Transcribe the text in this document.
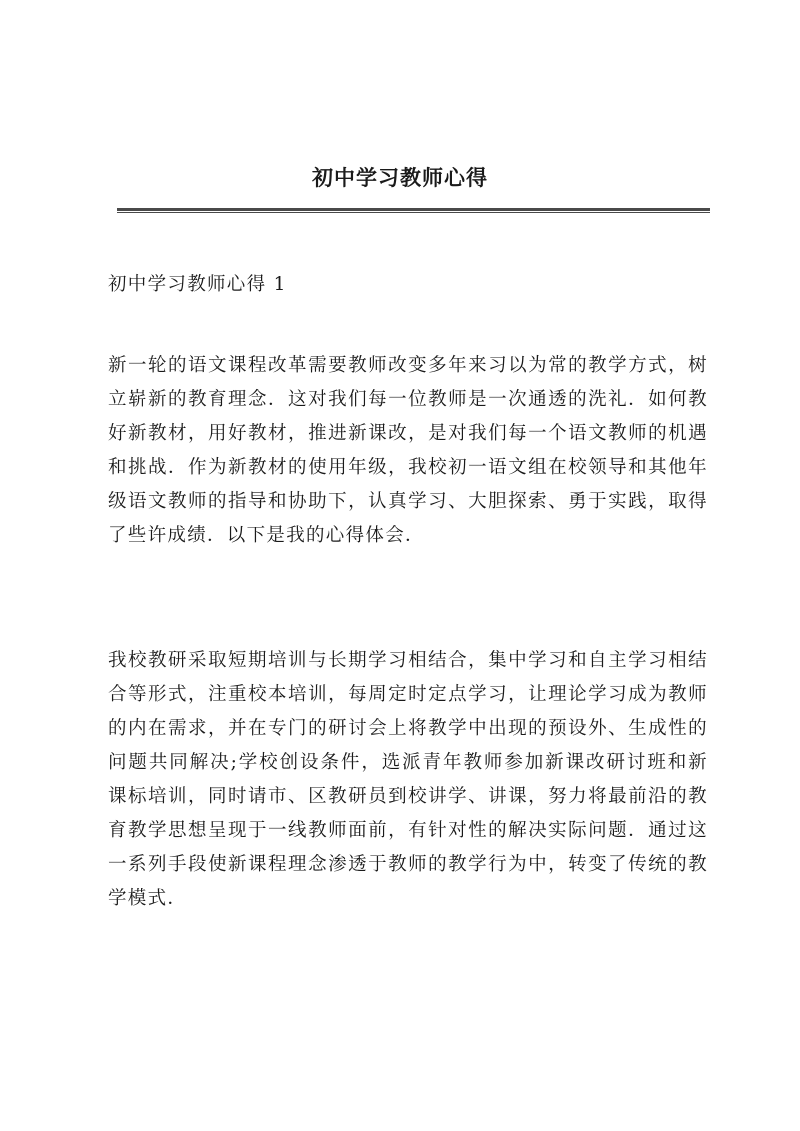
初中学习教师心得

初中学习教师心得 1

新一轮的语文课程改革需要教师改变多年来习以为常的教学方式，树立崭新的教育理念．这对我们每一位教师是一次通透的洗礼．如何教好新教材，用好教材，推进新课改，是对我们每一个语文教师的机遇和挑战．作为新教材的使用年级，我校初一语文组在校领导和其他年级语文教师的指导和协助下，认真学习、大胆探索、勇于实践，取得了些许成绩．以下是我的心得体会．

我校教研采取短期培训与长期学习相结合，集中学习和自主学习相结合等形式，注重校本培训，每周定时定点学习，让理论学习成为教师的内在需求，并在专门的研讨会上将教学中出现的预设外、生成性的问题共同解决;学校创设条件，选派青年教师参加新课改研讨班和新课标培训，同时请市、区教研员到校讲学、讲课，努力将最前沿的教育教学思想呈现于一线教师面前，有针对性的解决实际问题．通过这一系列手段使新课程理念渗透于教师的教学行为中，转变了传统的教学模式．
